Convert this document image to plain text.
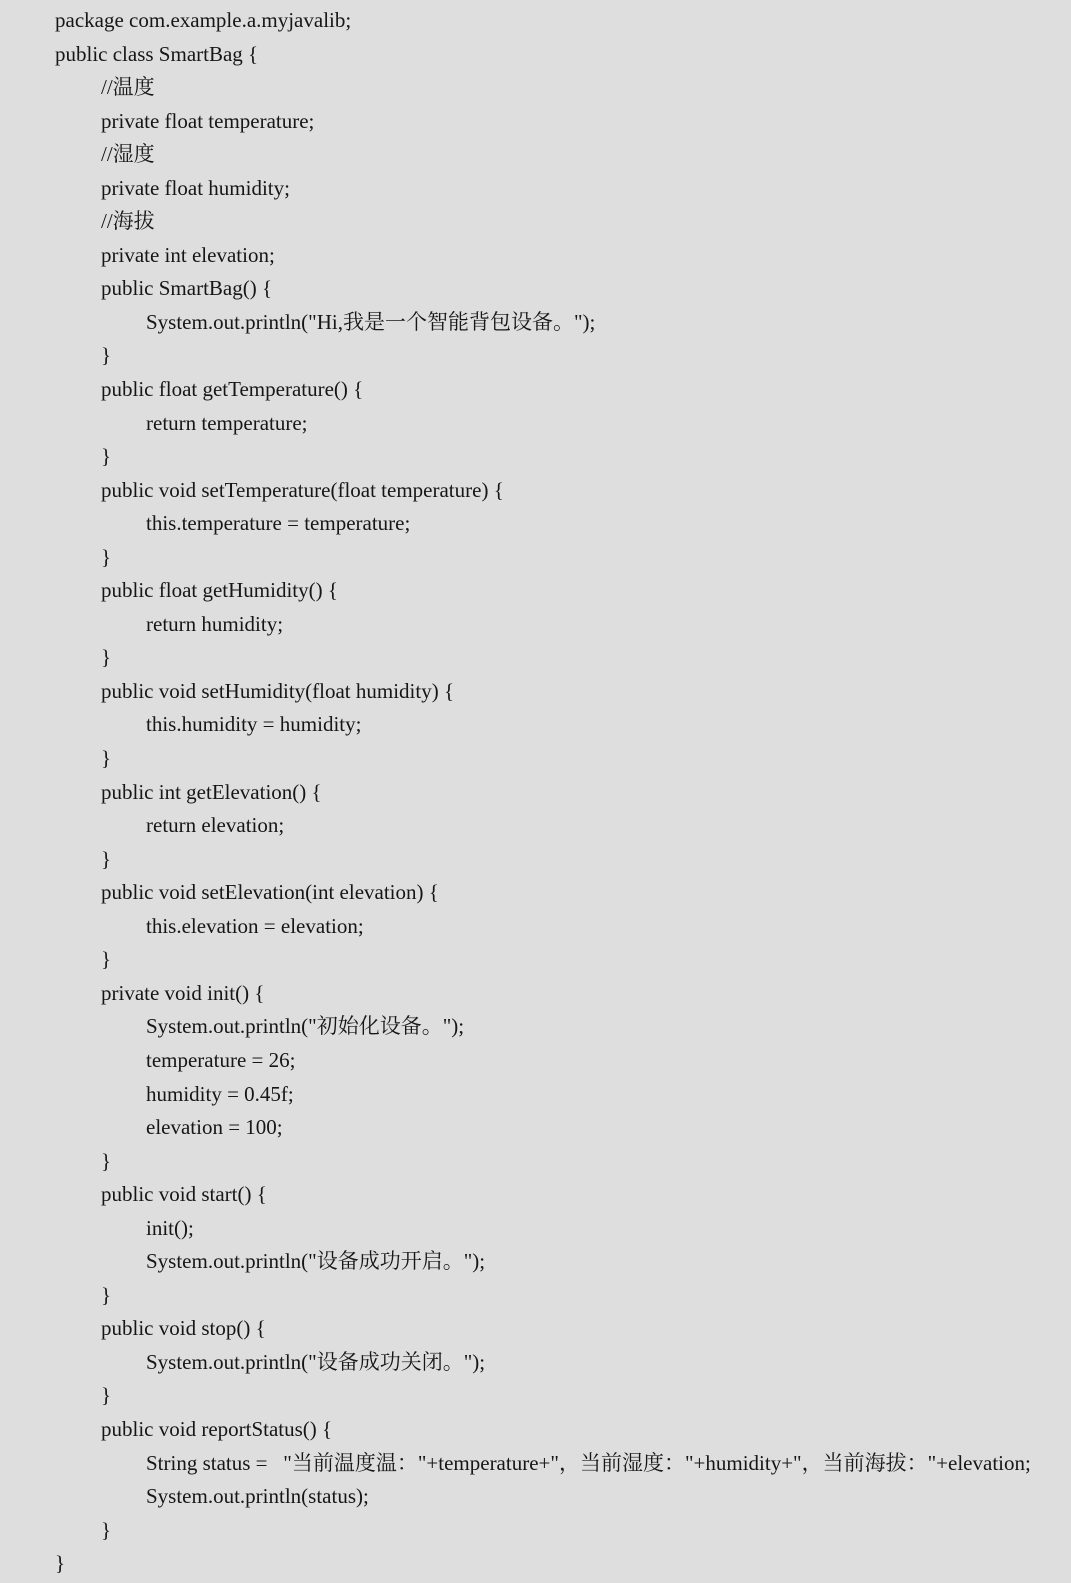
package com.example.a.myjavalib;
public class SmartBag {
//温度
private float temperature;
//湿度
private float humidity;
//海拔
private int elevation;
public SmartBag() {
System.out.println("Hi,我是一个智能背包设备。");
}
public float getTemperature() {
return temperature;
}
public void setTemperature(float temperature) {
this.temperature = temperature;
}
public float getHumidity() {
return humidity;
}
public void setHumidity(float humidity) {
this.humidity = humidity;
}
public int getElevation() {
return elevation;
}
public void setElevation(int elevation) {
this.elevation = elevation;
}
private void init() {
System.out.println("初始化设备。");
temperature = 26;
humidity = 0.45f;
elevation = 100;
}
public void start() {
init();
System.out.println("设备成功开启。");
}
public void stop() {
System.out.println("设备成功关闭。");
}
public void reportStatus() {
String status =   "当前温度温："+temperature+"，当前湿度："+humidity+"，当前海拔："+elevation;
System.out.println(status);
}
}
